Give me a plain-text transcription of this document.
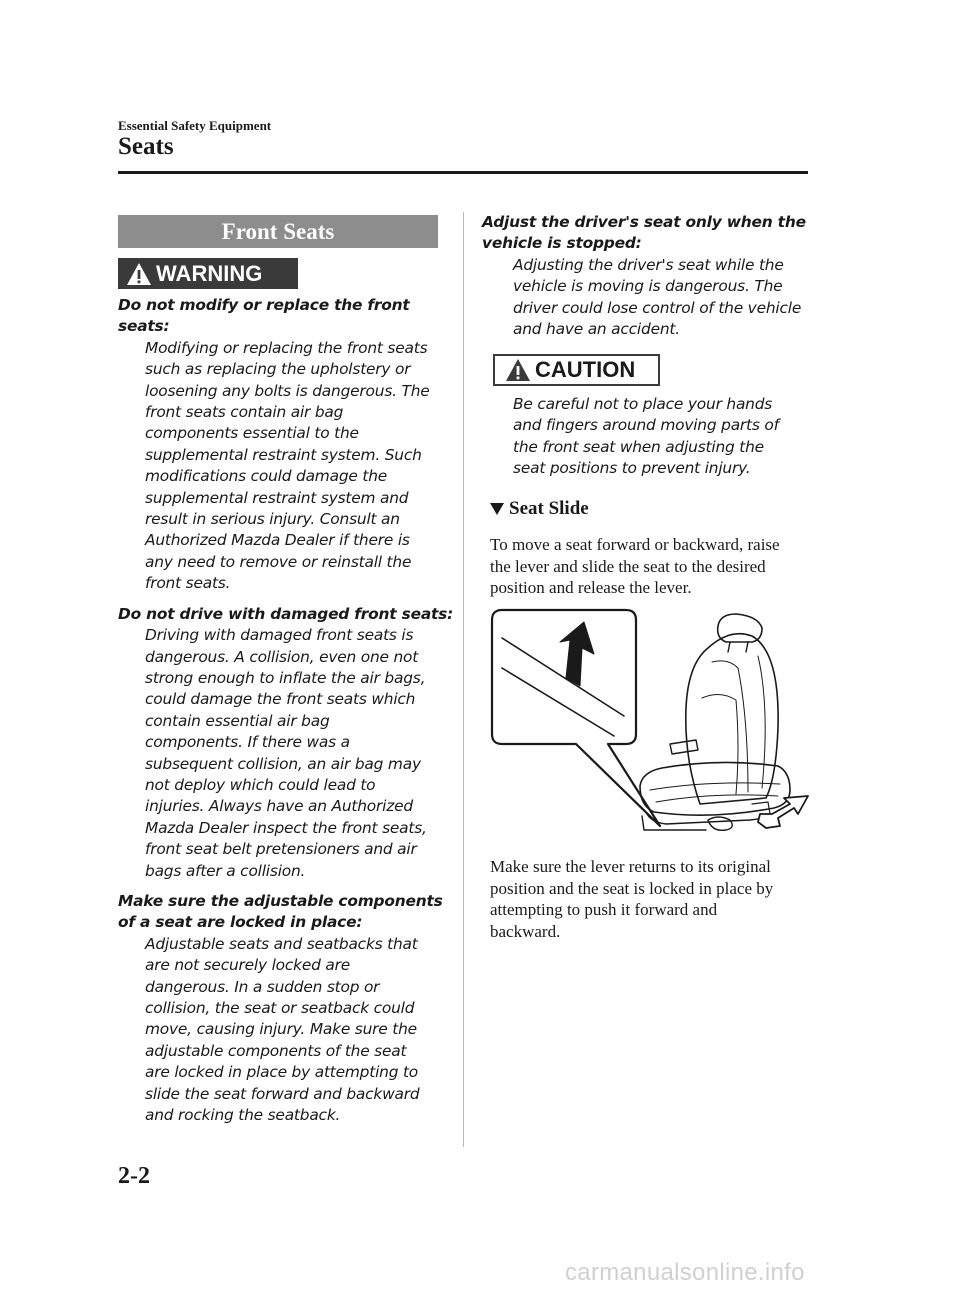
Essential Safety Equipment
Seats
Front Seats
WARNING
Do not modify or replace the front
seats:
Modifying or replacing the front seats
such as replacing the upholstery or
loosening any bolts is dangerous. The
front seats contain air bag
components essential to the
supplemental restraint system. Such
modifications could damage the
supplemental restraint system and
result in serious injury. Consult an
Authorized Mazda Dealer if there is
any need to remove or reinstall the
front seats.
Do not drive with damaged front seats:
Driving with damaged front seats is
dangerous. A collision, even one not
strong enough to inflate the air bags,
could damage the front seats which
contain essential air bag
components. If there was a
subsequent collision, an air bag may
not deploy which could lead to
injuries. Always have an Authorized
Mazda Dealer inspect the front seats,
front seat belt pretensioners and air
bags after a collision.
Make sure the adjustable components
of a seat are locked in place:
Adjustable seats and seatbacks that
are not securely locked are
dangerous. In a sudden stop or
collision, the seat or seatback could
move, causing injury. Make sure the
adjustable components of the seat
are locked in place by attempting to
slide the seat forward and backward
and rocking the seatback.
Adjust the driver's seat only when the
vehicle is stopped:
Adjusting the driver's seat while the
vehicle is moving is dangerous. The
driver could lose control of the vehicle
and have an accident.
CAUTION
Be careful not to place your hands
and fingers around moving parts of
the front seat when adjusting the
seat positions to prevent injury.
Seat Slide
To move a seat forward or backward, raise
the lever and slide the seat to the desired
position and release the lever.
Make sure the lever returns to its original
position and the seat is locked in place by
attempting to push it forward and
backward.
2-2
carmanualsonline.info
